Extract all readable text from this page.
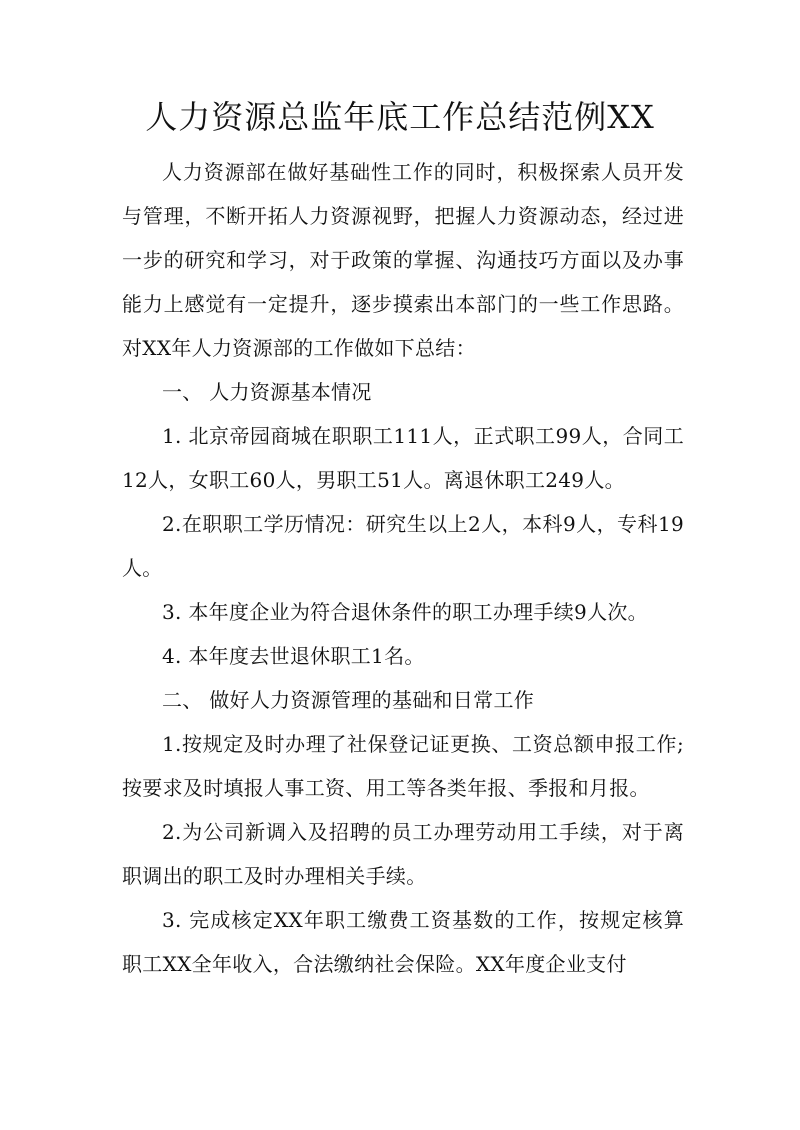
人力资源总监年底工作总结范例XX

人力资源部在做好基础性工作的同时，积极探索人员开发与管理，不断开拓人力资源视野，把握人力资源动态，经过进一步的研究和学习，对于政策的掌握、沟通技巧方面以及办事能力上感觉有一定提升，逐步摸索出本部门的一些工作思路。 对XX年人力资源部的工作做如下总结：

一、 人力资源基本情况

1. 北京帝园商城在职职工111人，正式职工99人，合同工12人，女职工60人，男职工51人。离退休职工249人。

2.在职职工学历情况：研究生以上2人，本科9人，专科19人。

3. 本年度企业为符合退休条件的职工办理手续9人次。

4. 本年度去世退休职工1名。

二、 做好人力资源管理的基础和日常工作

1.按规定及时办理了社保登记证更换、工资总额申报工作;按要求及时填报人事工资、用工等各类年报、季报和月报。

2.为公司新调入及招聘的员工办理劳动用工手续，对于离职调出的职工及时办理相关手续。

3. 完成核定XX年职工缴费工资基数的工作，按规定核算职工XX全年收入，合法缴纳社会保险。XX年度企业支付
